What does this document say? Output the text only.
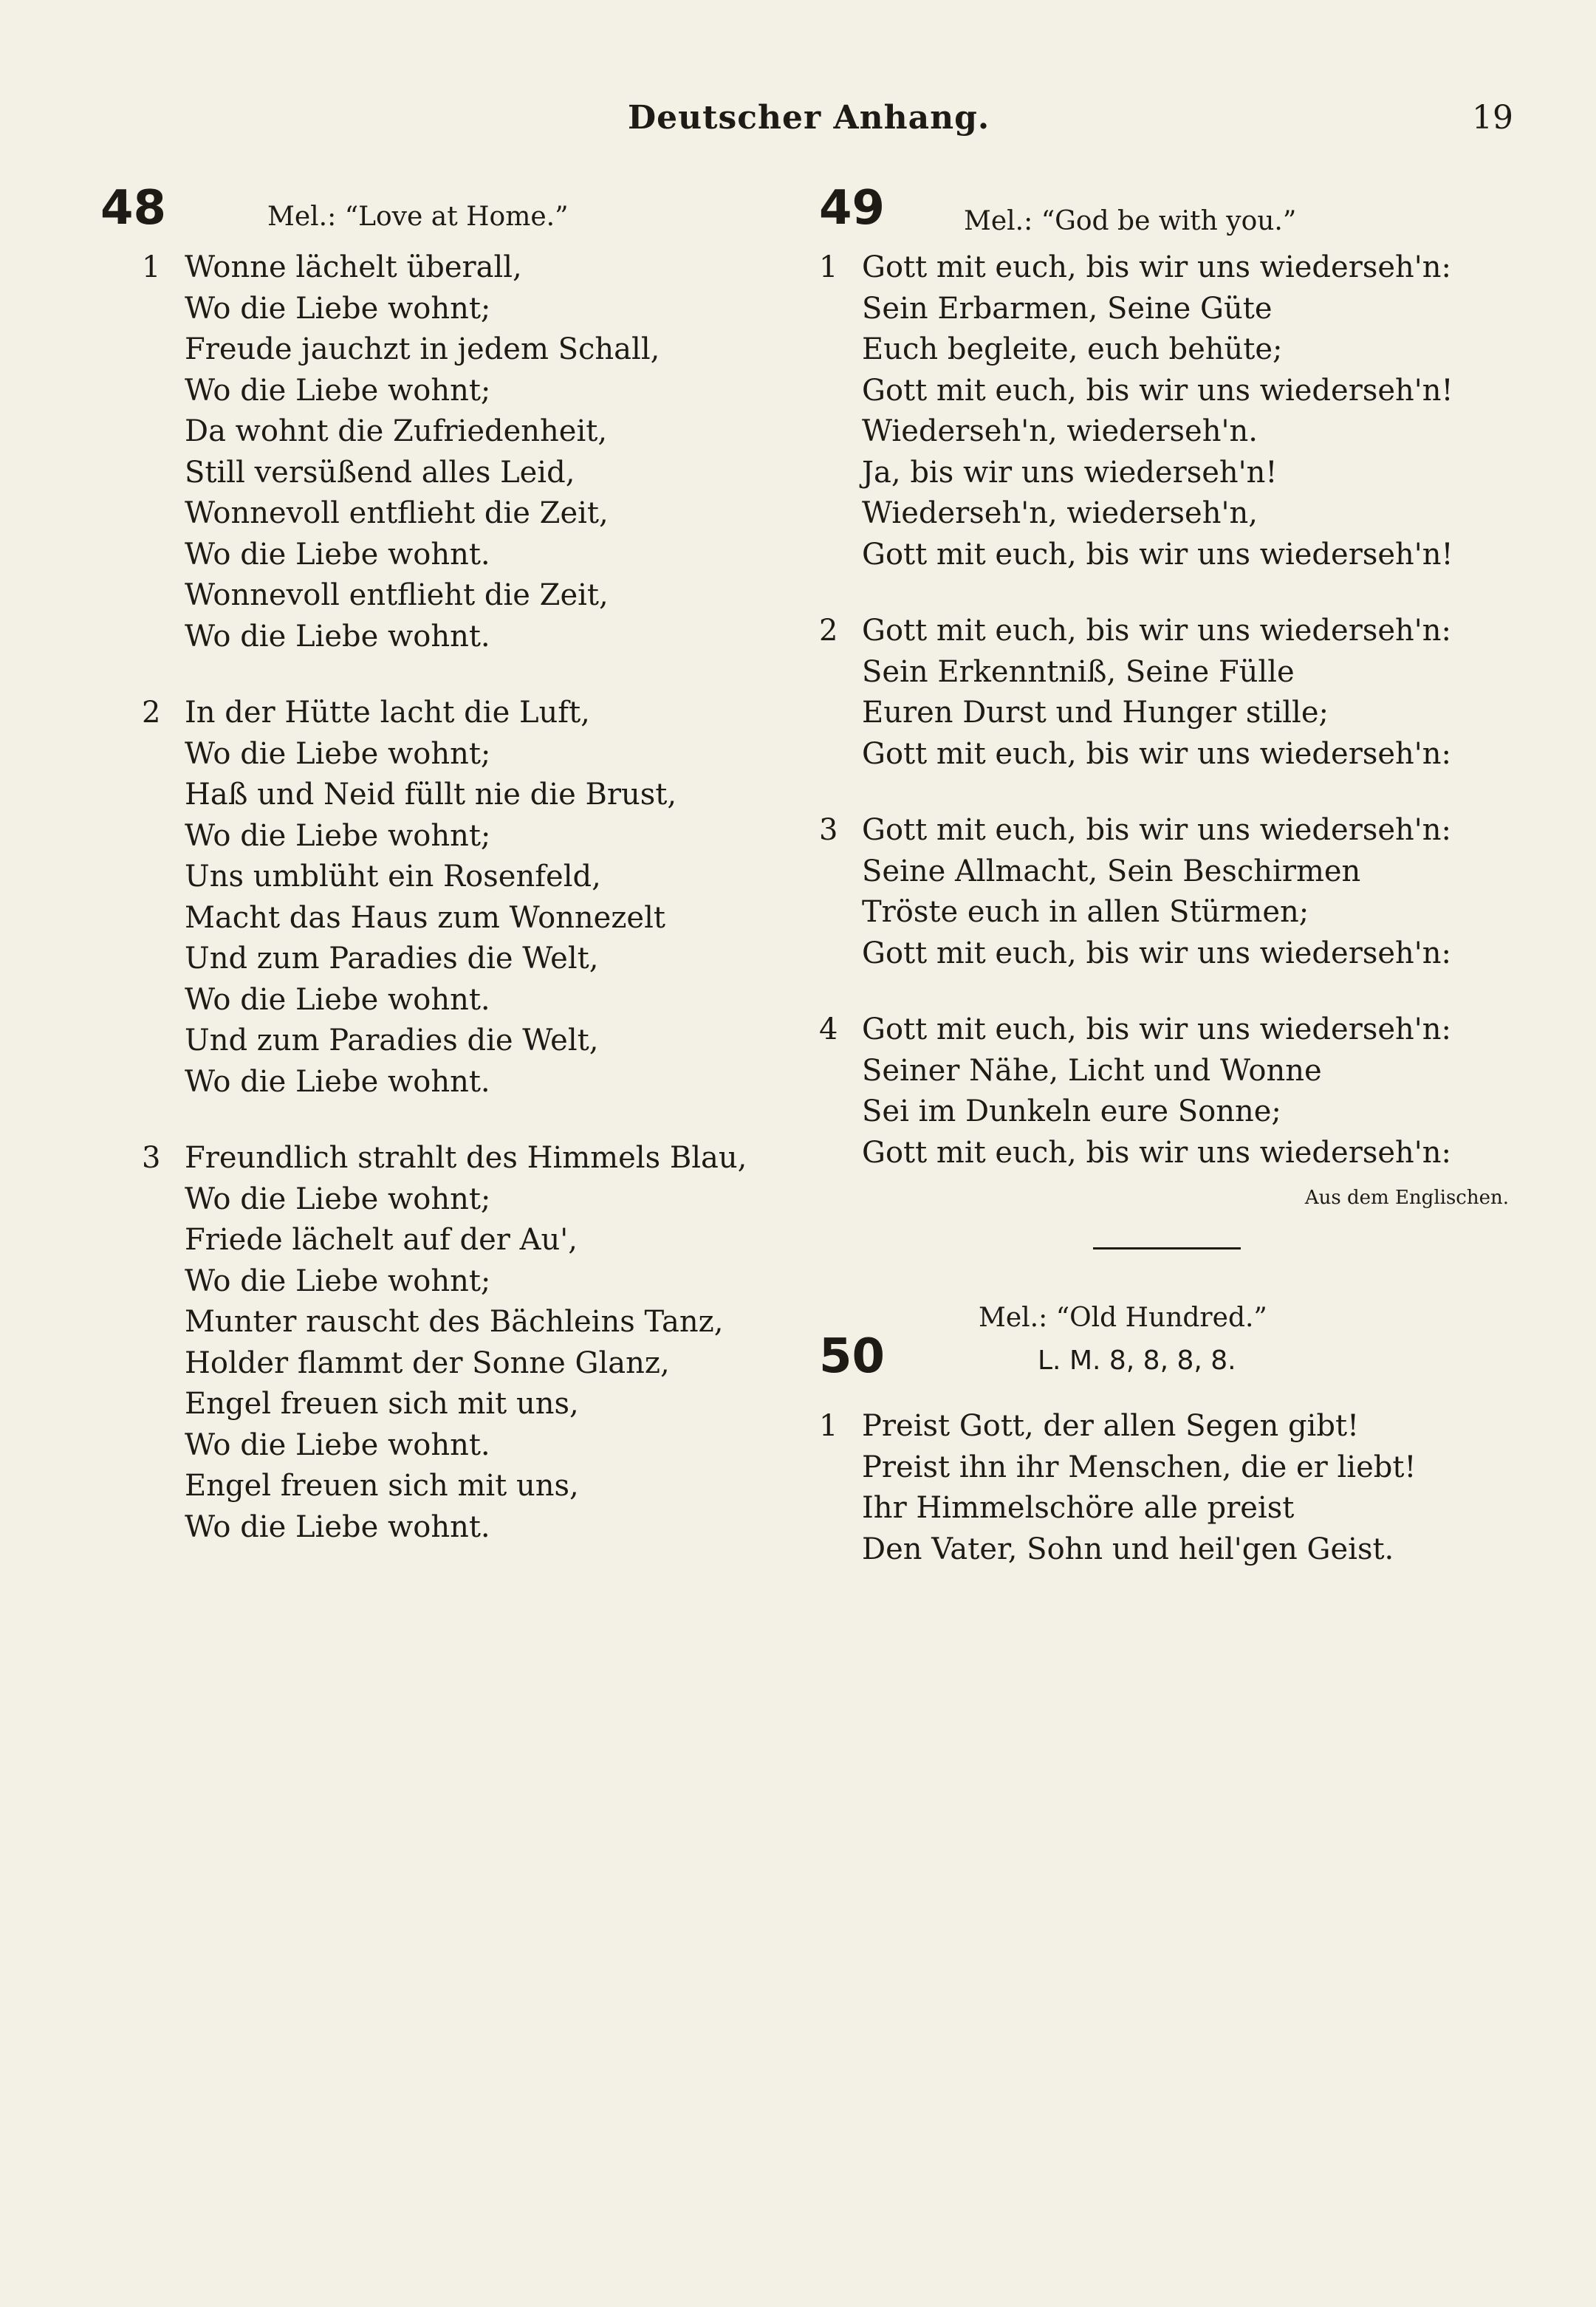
Deutscher Anhang.	19
48	Mel.: “Love at Home.”
1 Wonne lächelt überall,
Wo die Liebe wohnt;
Freude jauchzt in jedem Schall,
Wo die Liebe wohnt;
Da wohnt die Zufriedenheit,
Still versüßend alles Leid,
Wonnevoll entflieht die Zeit,
Wo die Liebe wohnt.
Wonnevoll entflieht die Zeit,
Wo die Liebe wohnt.
2 In der Hütte lacht die Luft,
Wo die Liebe wohnt;
Haß und Neid füllt nie die Brust,
Wo die Liebe wohnt;
Uns umblüht ein Rosenfeld,
Macht das Haus zum Wonnezelt
Und zum Paradies die Welt,
Wo die Liebe wohnt.
Und zum Paradies die Welt,
Wo die Liebe wohnt.
3 Freundlich strahlt des Himmels Blau,
Wo die Liebe wohnt;
Friede lächelt auf der Au',
Wo die Liebe wohnt;
Munter rauscht des Bächleins Tanz,
Holder flammt der Sonne Glanz,
Engel freuen sich mit uns,
Wo die Liebe wohnt.
Engel freuen sich mit uns,
Wo die Liebe wohnt.
49	Mel.: “God be with you.”
1 Gott mit euch, bis wir uns wiederseh'n:
Sein Erbarmen, Seine Güte
Euch begleite, euch behüte;
Gott mit euch, bis wir uns wiederseh'n!
Wiederseh'n, wiederseh'n.
Ja, bis wir uns wiederseh'n!
Wiederseh'n, wiederseh'n,
Gott mit euch, bis wir uns wiederseh'n!
2 Gott mit euch, bis wir uns wiederseh'n:
Sein Erkenntniß, Seine Fülle
Euren Durst und Hunger stille;
Gott mit euch, bis wir uns wiederseh'n:
3 Gott mit euch, bis wir uns wiederseh'n:
Seine Allmacht, Sein Beschirmen
Tröste euch in allen Stürmen;
Gott mit euch, bis wir uns wiederseh'n:
4 Gott mit euch, bis wir uns wiederseh'n:
Seiner Nähe, Licht und Wonne
Sei im Dunkeln eure Sonne;
Gott mit euch, bis wir uns wiederseh'n:
Aus dem Englischen.
50
Mel.: “Old Hundred.”
L. M. 8, 8, 8, 8.
1 Preist Gott, der allen Segen gibt!
Preist ihn ihr Menschen, die er liebt!
Ihr Himmelschöre alle preist
Den Vater, Sohn und heil'gen Geist.
